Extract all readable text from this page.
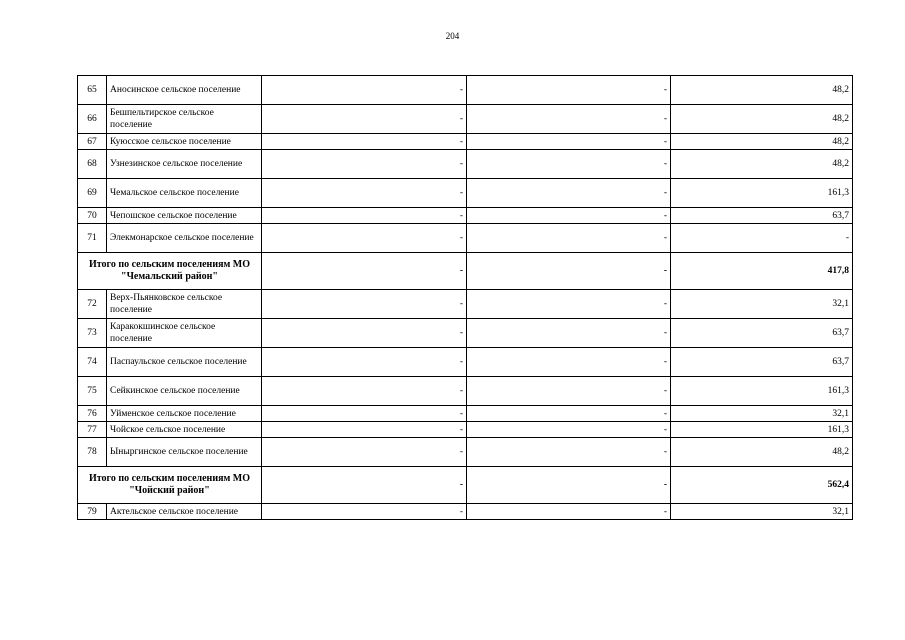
204
65	Аносинское сельское поселение	-	-	48,2
66	Бешпельтирское сельское поселение	-	-	48,2
67	Куюсское сельское поселение	-	-	48,2
68	Узнезинское сельское поселение	-	-	48,2
69	Чемальское сельское поселение	-	-	161,3
70	Чепошское сельское поселение	-	-	63,7
71	Элекмонарское сельское поселение	-	-	-
Итого по сельским поселениям МО "Чемальский район"		-	-	417,8
72	Верх-Пьянковское сельское поселение	-	-	32,1
73	Каракокшинское сельское поселение	-	-	63,7
74	Паспаульское сельское поселение	-	-	63,7
75	Сейкинское сельское поселение	-	-	161,3
76	Уйменское сельское поселение	-	-	32,1
77	Чойское сельское поселение	-	-	161,3
78	Ыныргинское сельское поселение	-	-	48,2
Итого по сельским поселениям МО "Чойский район"		-	-	562,4
79	Актельское сельское поселение	-	-	32,1
